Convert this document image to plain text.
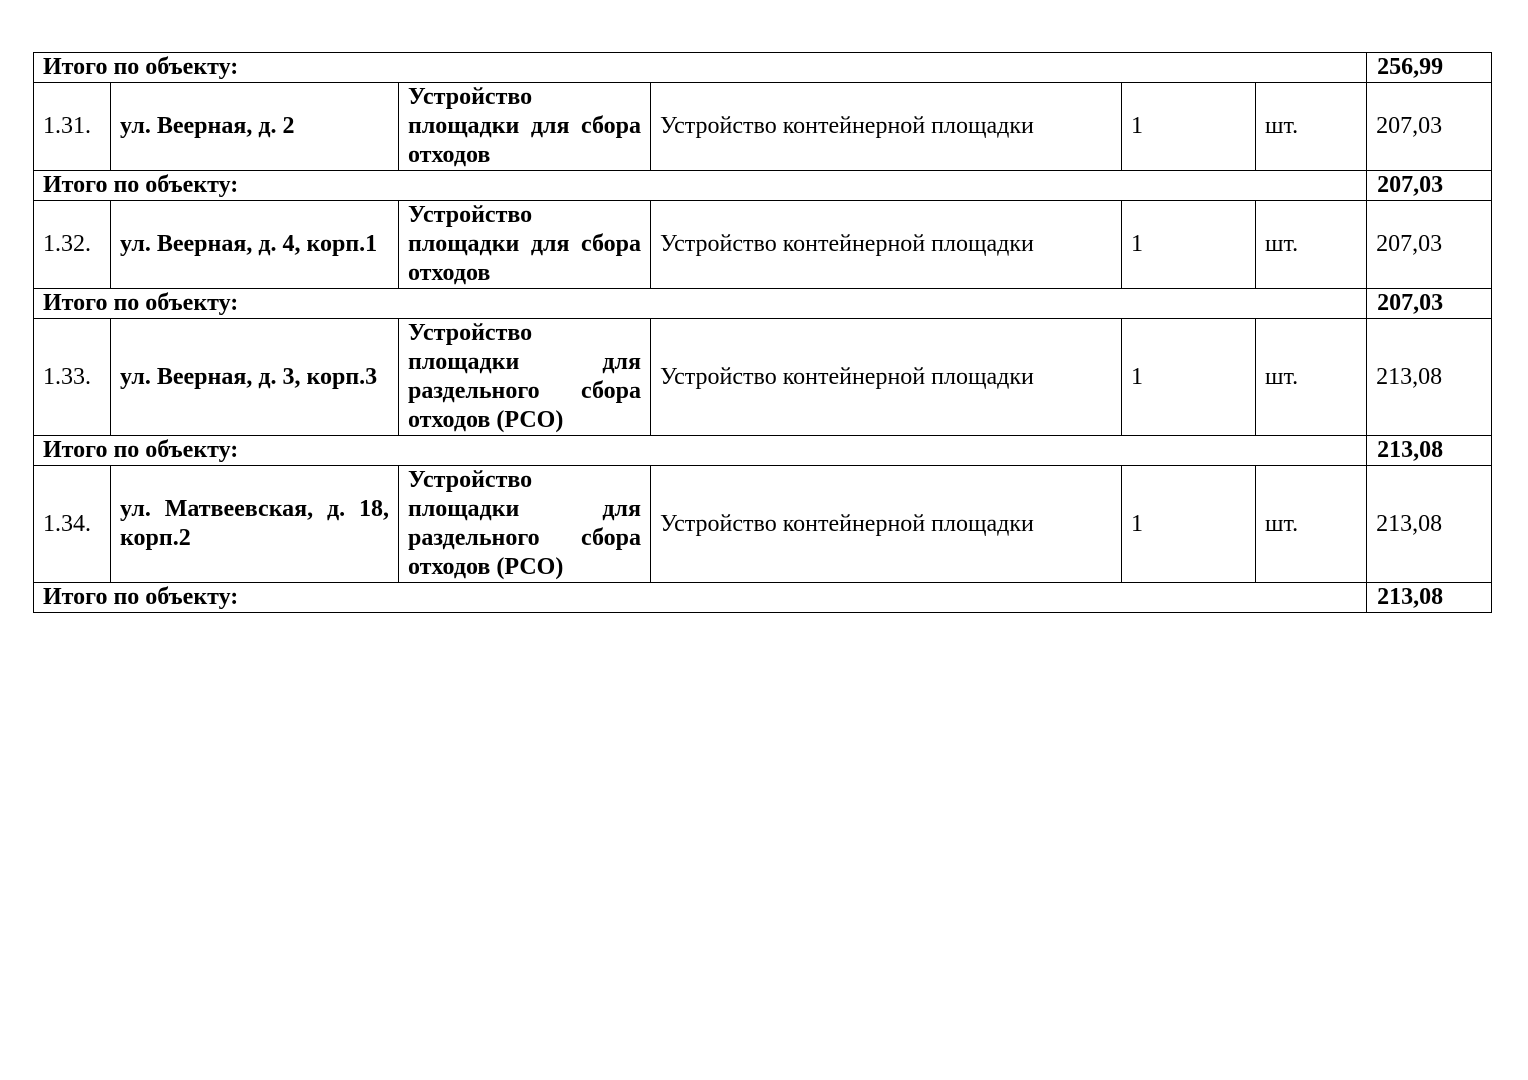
Итого по объекту:						256,99
1.31.	ул. Веерная, д. 2	Устройство площадки для сбора отходов	Устройство контейнерной площадки	1	шт.	207,03
Итого по объекту:						207,03
1.32.	ул. Веерная, д. 4, корп.1	Устройство площадки для сбора отходов	Устройство контейнерной площадки	1	шт.	207,03
Итого по объекту:						207,03
1.33.	ул. Веерная, д. 3, корп.3	Устройство площадки для раздельного сбора отходов (РСО)	Устройство контейнерной площадки	1	шт.	213,08
Итого по объекту:						213,08
1.34.	ул. Матвеевская, д. 18, корп.2	Устройство площадки для раздельного сбора отходов (РСО)	Устройство контейнерной площадки	1	шт.	213,08
Итого по объекту:						213,08
